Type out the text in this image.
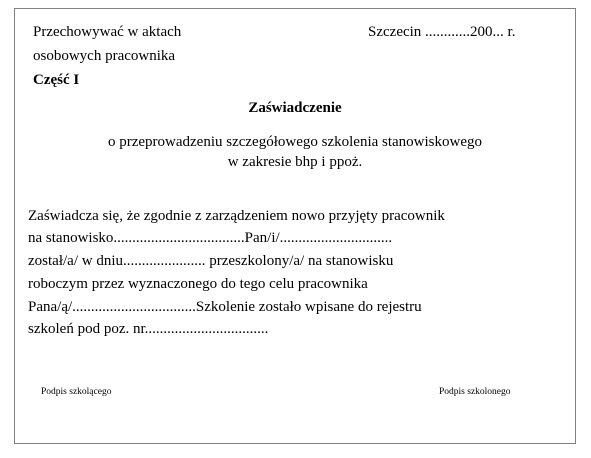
Przechowywać w aktach
osobowych pracownika
Szczecin ............200... r.
Część I
Zaświadczenie
o przeprowadzeniu szczegółowego szkolenia stanowiskowego
w zakresie bhp i ppoż.
Zaświadcza się, że zgodnie z zarządzeniem nowo przyjęty pracownik
na stanowisko...................................Pan/i/..............................
został/a/ w dniu...................... przeszkolony/a/ na stanowisku
roboczym przez wyznaczonego do tego celu pracownika
Pana/ą/.................................Szkolenie zostało wpisane do rejestru
szkoleń pod poz. nr.................................
Podpis szkolącego	Podpis szkolonego
